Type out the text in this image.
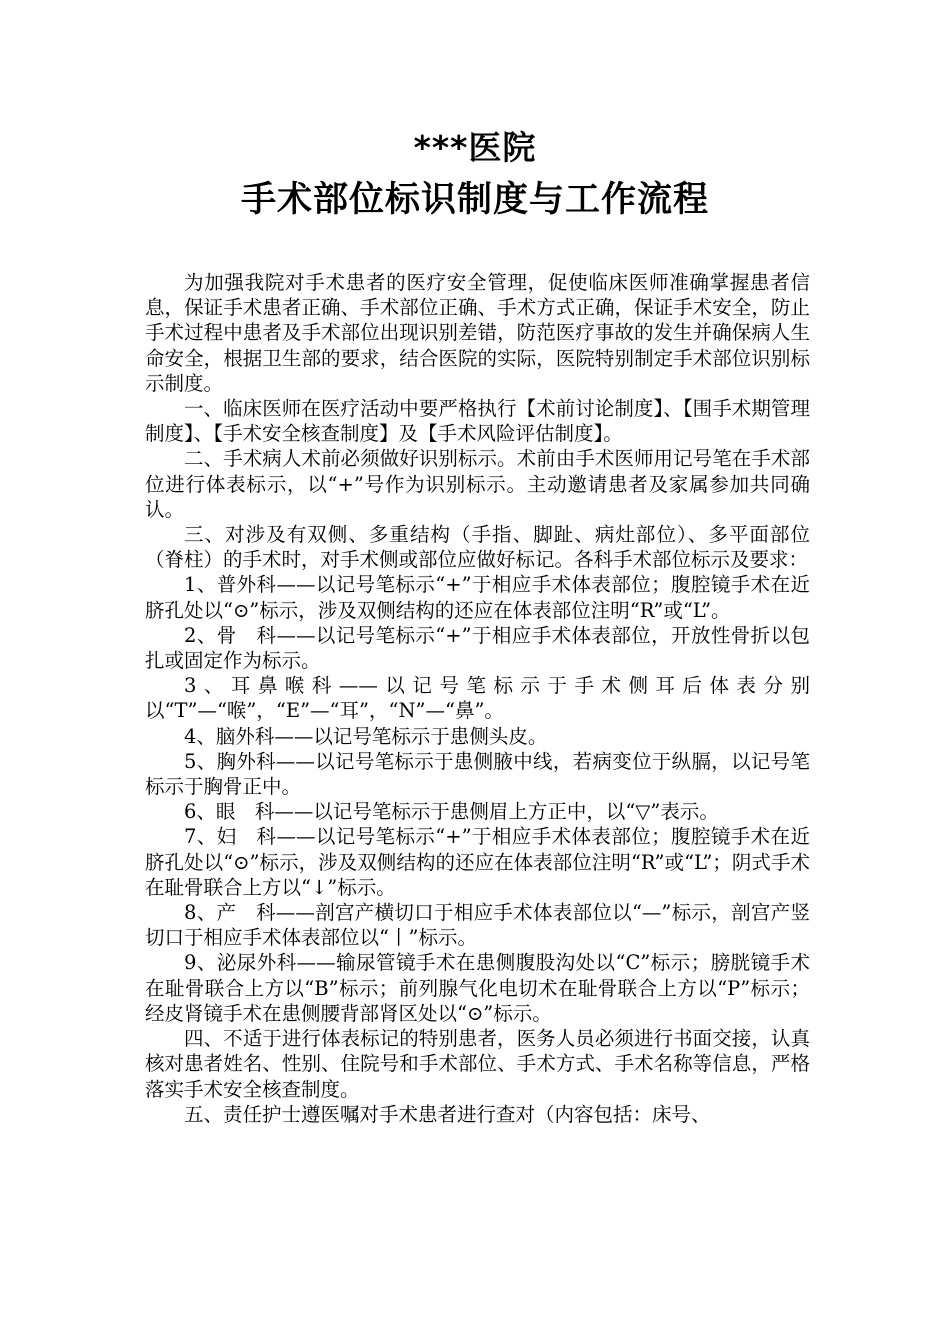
***医院
手术部位标识制度与工作流程

为加强我院对手术患者的医疗安全管理，促使临床医师准确掌握患者信息，保证手术患者正确、手术部位正确、手术方式正确，保证手术安全，防止手术过程中患者及手术部位出现识别差错，防范医疗事故的发生并确保病人生命安全，根据卫生部的要求，结合医院的实际，医院特别制定手术部位识别标示制度。

一、临床医师在医疗活动中要严格执行【术前讨论制度】、【围手术期管理制度】、【手术安全核查制度】及【手术风险评估制度】。

二、手术病人术前必须做好识别标示。术前由手术医师用记号笔在手术部位进行体表标示，以“+”号作为识别标示。主动邀请患者及家属参加共同确认。

三、对涉及有双侧、多重结构（手指、脚趾、病灶部位）、多平面部位（脊柱）的手术时，对手术侧或部位应做好标记。各科手术部位标示及要求：

1、普外科——以记号笔标示“+”于相应手术体表部位；腹腔镜手术在近脐孔处以“⊙”标示，涉及双侧结构的还应在体表部位注明“R”或“L”。

2、骨　科——以记号笔标示“+”于相应手术体表部位，开放性骨折以包扎或固定作为标示。

3、耳鼻喉科——以记号笔标示于手术侧耳后体表分别以“T”—“喉”，“E”—“耳”，“N”—“鼻”。

4、脑外科——以记号笔标示于患侧头皮。

5、胸外科——以记号笔标示于患侧腋中线，若病变位于纵膈，以记号笔标示于胸骨正中。

6、眼　科——以记号笔标示于患侧眉上方正中，以“▽”表示。

7、妇　科——以记号笔标示“+”于相应手术体表部位；腹腔镜手术在近脐孔处以“⊙”标示，涉及双侧结构的还应在体表部位注明“R”或“L”；阴式手术在耻骨联合上方以“↓”标示。

8、产　科——剖宫产横切口于相应手术体表部位以“—”标示，剖宫产竖切口于相应手术体表部位以“丨”标示。

9、泌尿外科——输尿管镜手术在患侧腹股沟处以“C”标示；膀胱镜手术在耻骨联合上方以“B”标示；前列腺气化电切术在耻骨联合上方以“P”标示；经皮肾镜手术在患侧腰背部肾区处以“⊙”标示。

四、不适于进行体表标记的特别患者，医务人员必须进行书面交接，认真核对患者姓名、性别、住院号和手术部位、手术方式、手术名称等信息，严格落实手术安全核查制度。

五、责任护士遵医嘱对手术患者进行查对（内容包括：床号、
